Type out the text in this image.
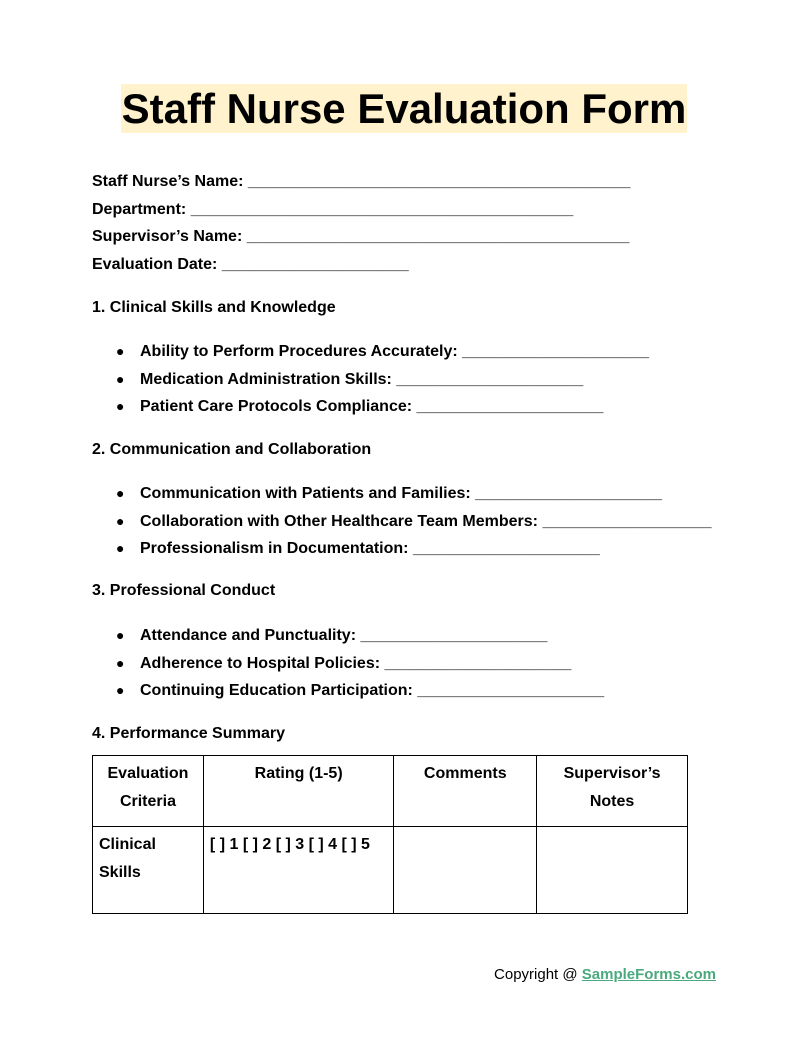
Staff Nurse Evaluation Form
Staff Nurse’s Name: ___________________________________________
Department: ___________________________________________
Supervisor’s Name: ___________________________________________
Evaluation Date: _____________________
1. Clinical Skills and Knowledge
● Ability to Perform Procedures Accurately: _____________________
● Medication Administration Skills: _____________________
● Patient Care Protocols Compliance: _____________________
2. Communication and Collaboration
● Communication with Patients and Families: _____________________
● Collaboration with Other Healthcare Team Members: ___________________
● Professionalism in Documentation: _____________________
3. Professional Conduct
● Attendance and Punctuality: _____________________
● Adherence to Hospital Policies: _____________________
● Continuing Education Participation: _____________________
4. Performance Summary
Evaluation Criteria	Rating (1-5)	Comments	Supervisor’s Notes
Clinical Skills	[ ] 1 [ ] 2 [ ] 3 [ ] 4 [ ] 5		
Copyright @ SampleForms.com
